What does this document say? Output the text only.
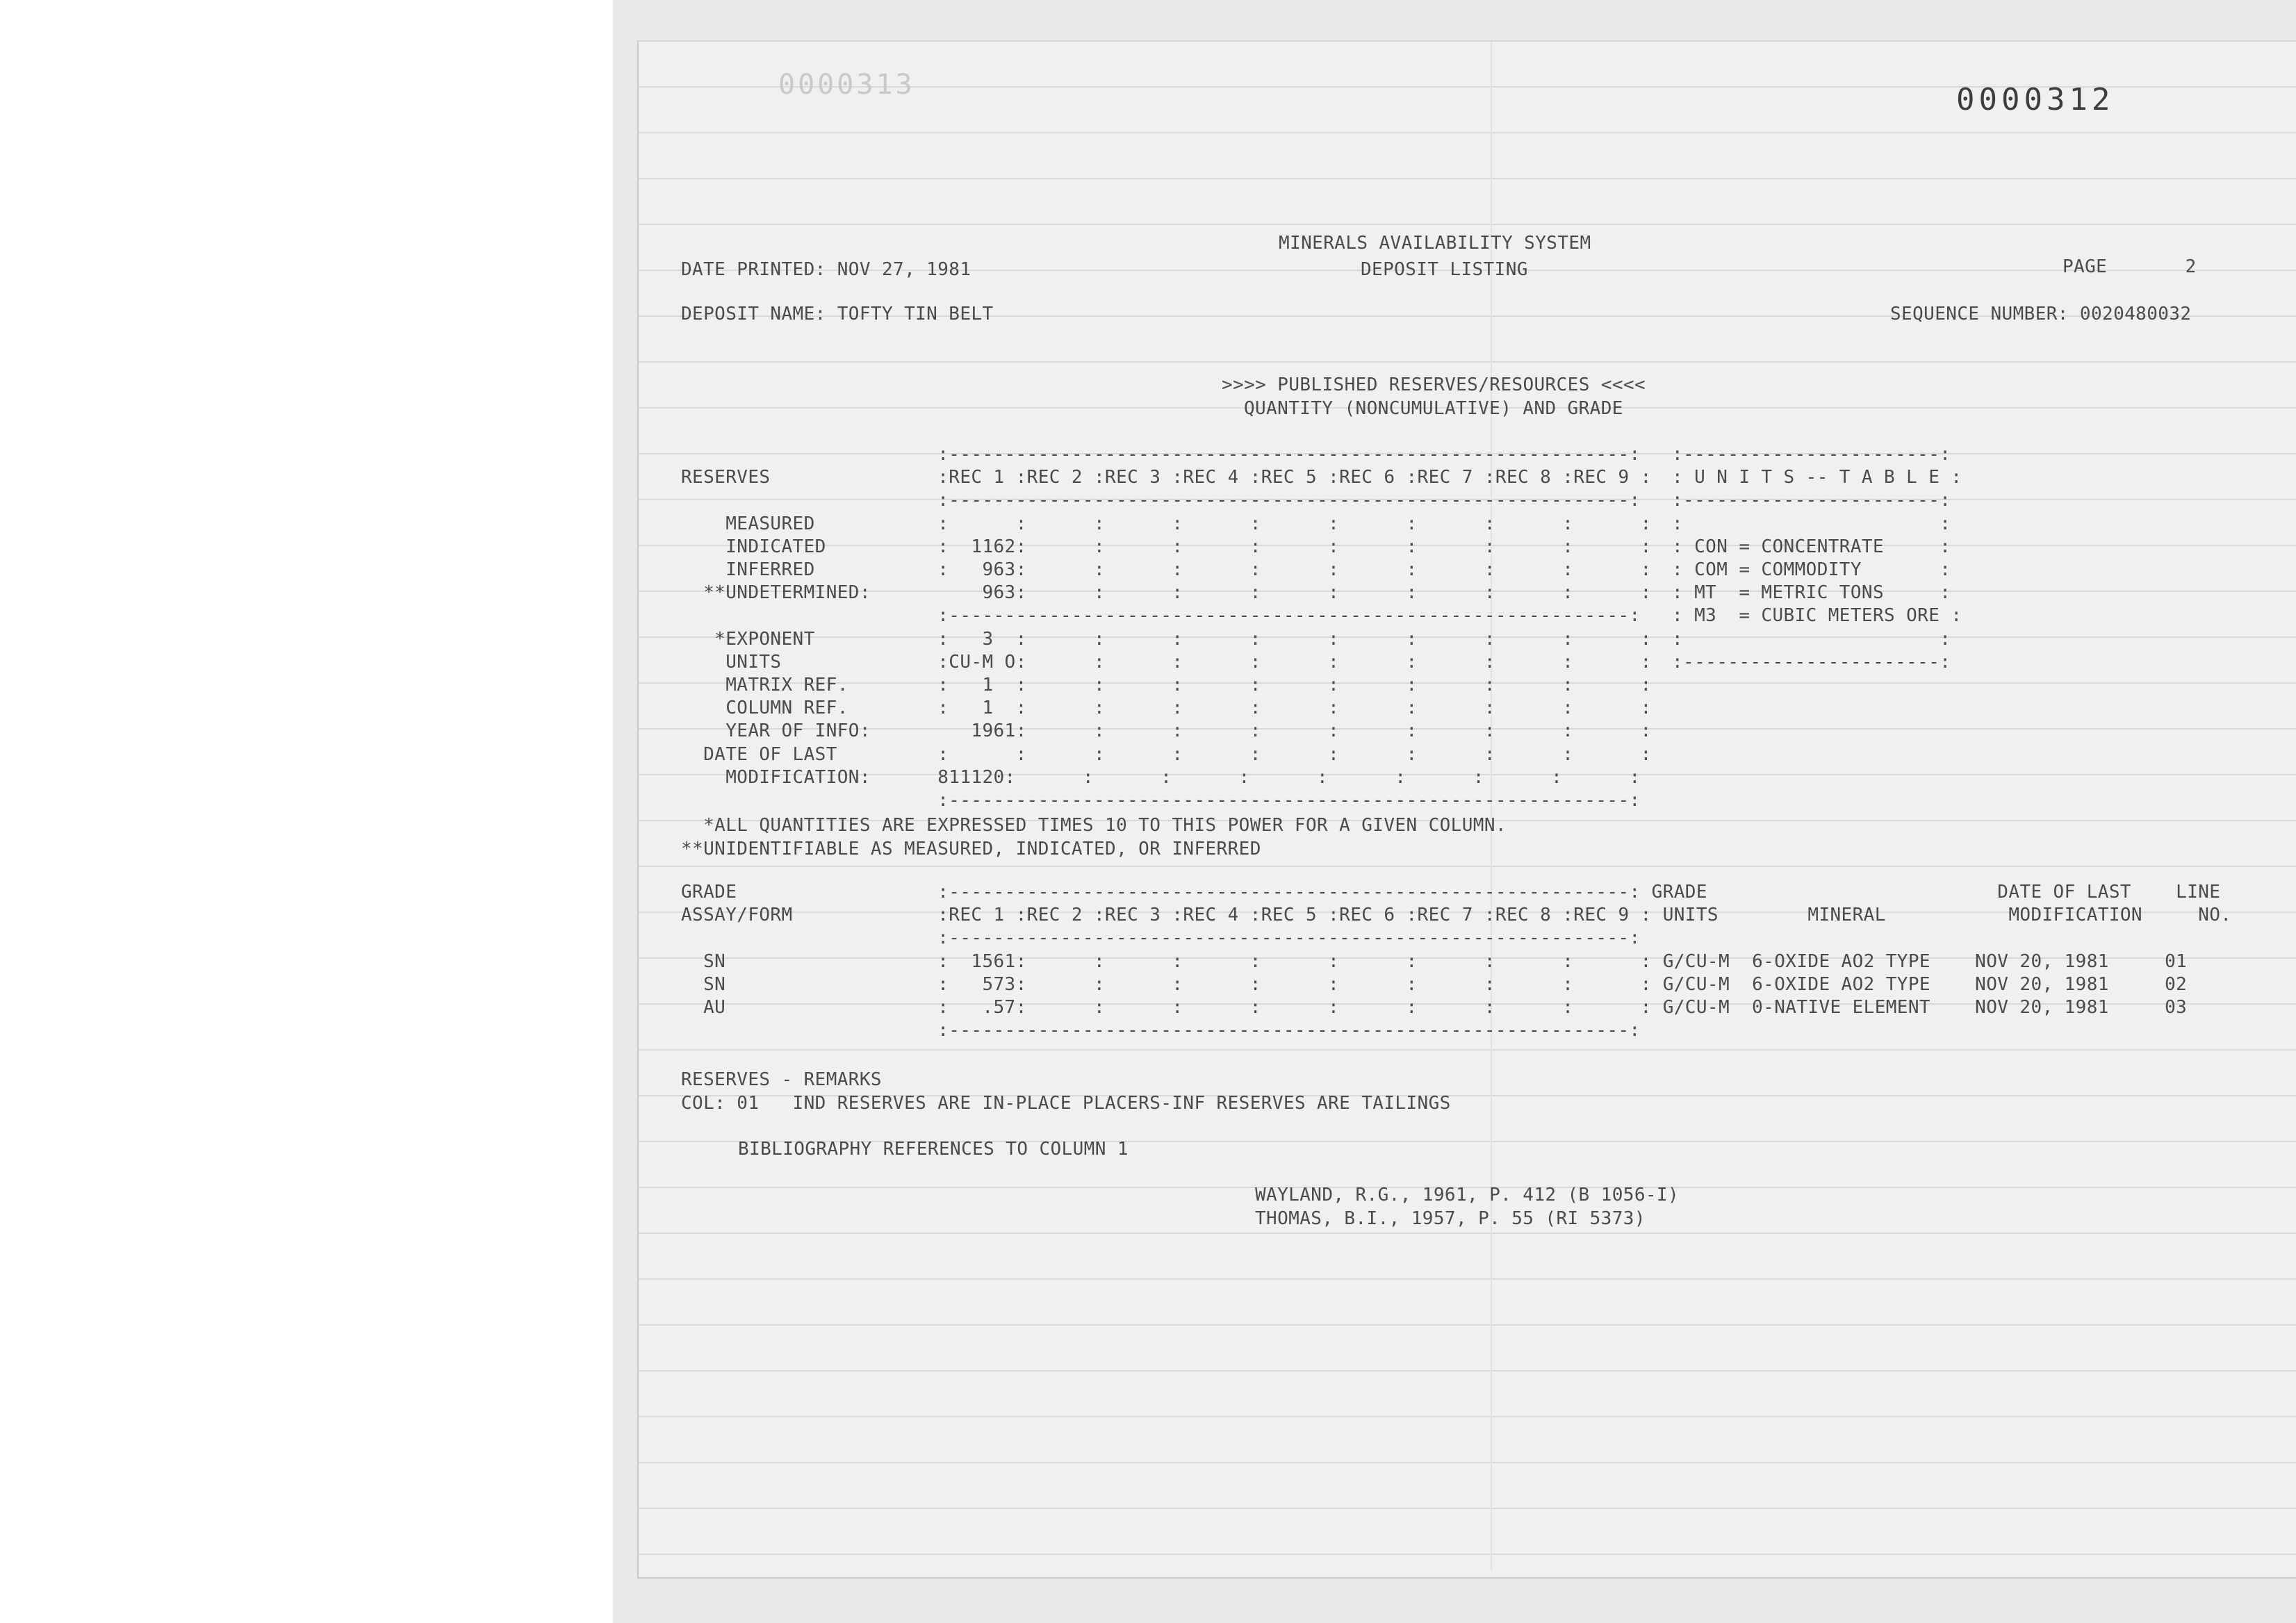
0000313	0000312
MINERALS AVAILABILITY SYSTEM
DATE PRINTED: NOV 27, 1981	DEPOSIT LISTING	PAGE       2
DEPOSIT NAME: TOFTY TIN BELT	SEQUENCE NUMBER: 0020480032
>>>> PUBLISHED RESERVES/RESOURCES <<<<
QUANTITY (NONCUMULATIVE) AND GRADE
:-------------------------------------------------------------:
RESERVES               :REC 1 :REC 2 :REC 3 :REC 4 :REC 5 :REC 6 :REC 7 :REC 8 :REC 9 :
:-------------------------------------------------------------:
MEASURED           :      :      :      :      :      :      :      :      :      :
INDICATED          :  1162:      :      :      :      :      :      :      :      :
INFERRED           :   963:      :      :      :      :      :      :      :      :
**UNDETERMINED:          963:      :      :      :      :      :      :      :      :
:-------------------------------------------------------------:
*EXPONENT           :   3  :      :      :      :      :      :      :      :      :
UNITS              :CU-M O:      :      :      :      :      :      :      :      :
MATRIX REF.        :   1  :      :      :      :      :      :      :      :      :
COLUMN REF.        :   1  :      :      :      :      :      :      :      :      :
YEAR OF INFO:         1961:      :      :      :      :      :      :      :      :
DATE OF LAST         :      :      :      :      :      :      :      :      :      :
MODIFICATION:      811120:      :      :      :      :      :      :      :      :
:-------------------------------------------------------------:
:-----------------------:
: U N I T S -- T A B L E :
:-----------------------:
:                       :
: CON = CONCENTRATE     :
: COM = COMMODITY       :
: MT  = METRIC TONS     :
: M3  = CUBIC METERS ORE :
:                       :
:-----------------------:
*ALL QUANTITIES ARE EXPRESSED TIMES 10 TO THIS POWER FOR A GIVEN COLUMN.
**UNIDENTIFIABLE AS MEASURED, INDICATED, OR INFERRED
GRADE                  :-------------------------------------------------------------: GRADE                          DATE OF LAST    LINE
ASSAY/FORM             :REC 1 :REC 2 :REC 3 :REC 4 :REC 5 :REC 6 :REC 7 :REC 8 :REC 9 : UNITS        MINERAL           MODIFICATION     NO.
:-------------------------------------------------------------:
SN                   :  1561:      :      :      :      :      :      :      :      : G/CU-M  6-OXIDE AO2 TYPE    NOV 20, 1981     01
SN                   :   573:      :      :      :      :      :      :      :      : G/CU-M  6-OXIDE AO2 TYPE    NOV 20, 1981     02
AU                   :   .57:      :      :      :      :      :      :      :      : G/CU-M  0-NATIVE ELEMENT    NOV 20, 1981     03
:-------------------------------------------------------------:
RESERVES - REMARKS
COL: 01   IND RESERVES ARE IN-PLACE PLACERS-INF RESERVES ARE TAILINGS
BIBLIOGRAPHY REFERENCES TO COLUMN 1
WAYLAND, R.G., 1961, P. 412 (B 1056-I)
THOMAS, B.I., 1957, P. 55 (RI 5373)
